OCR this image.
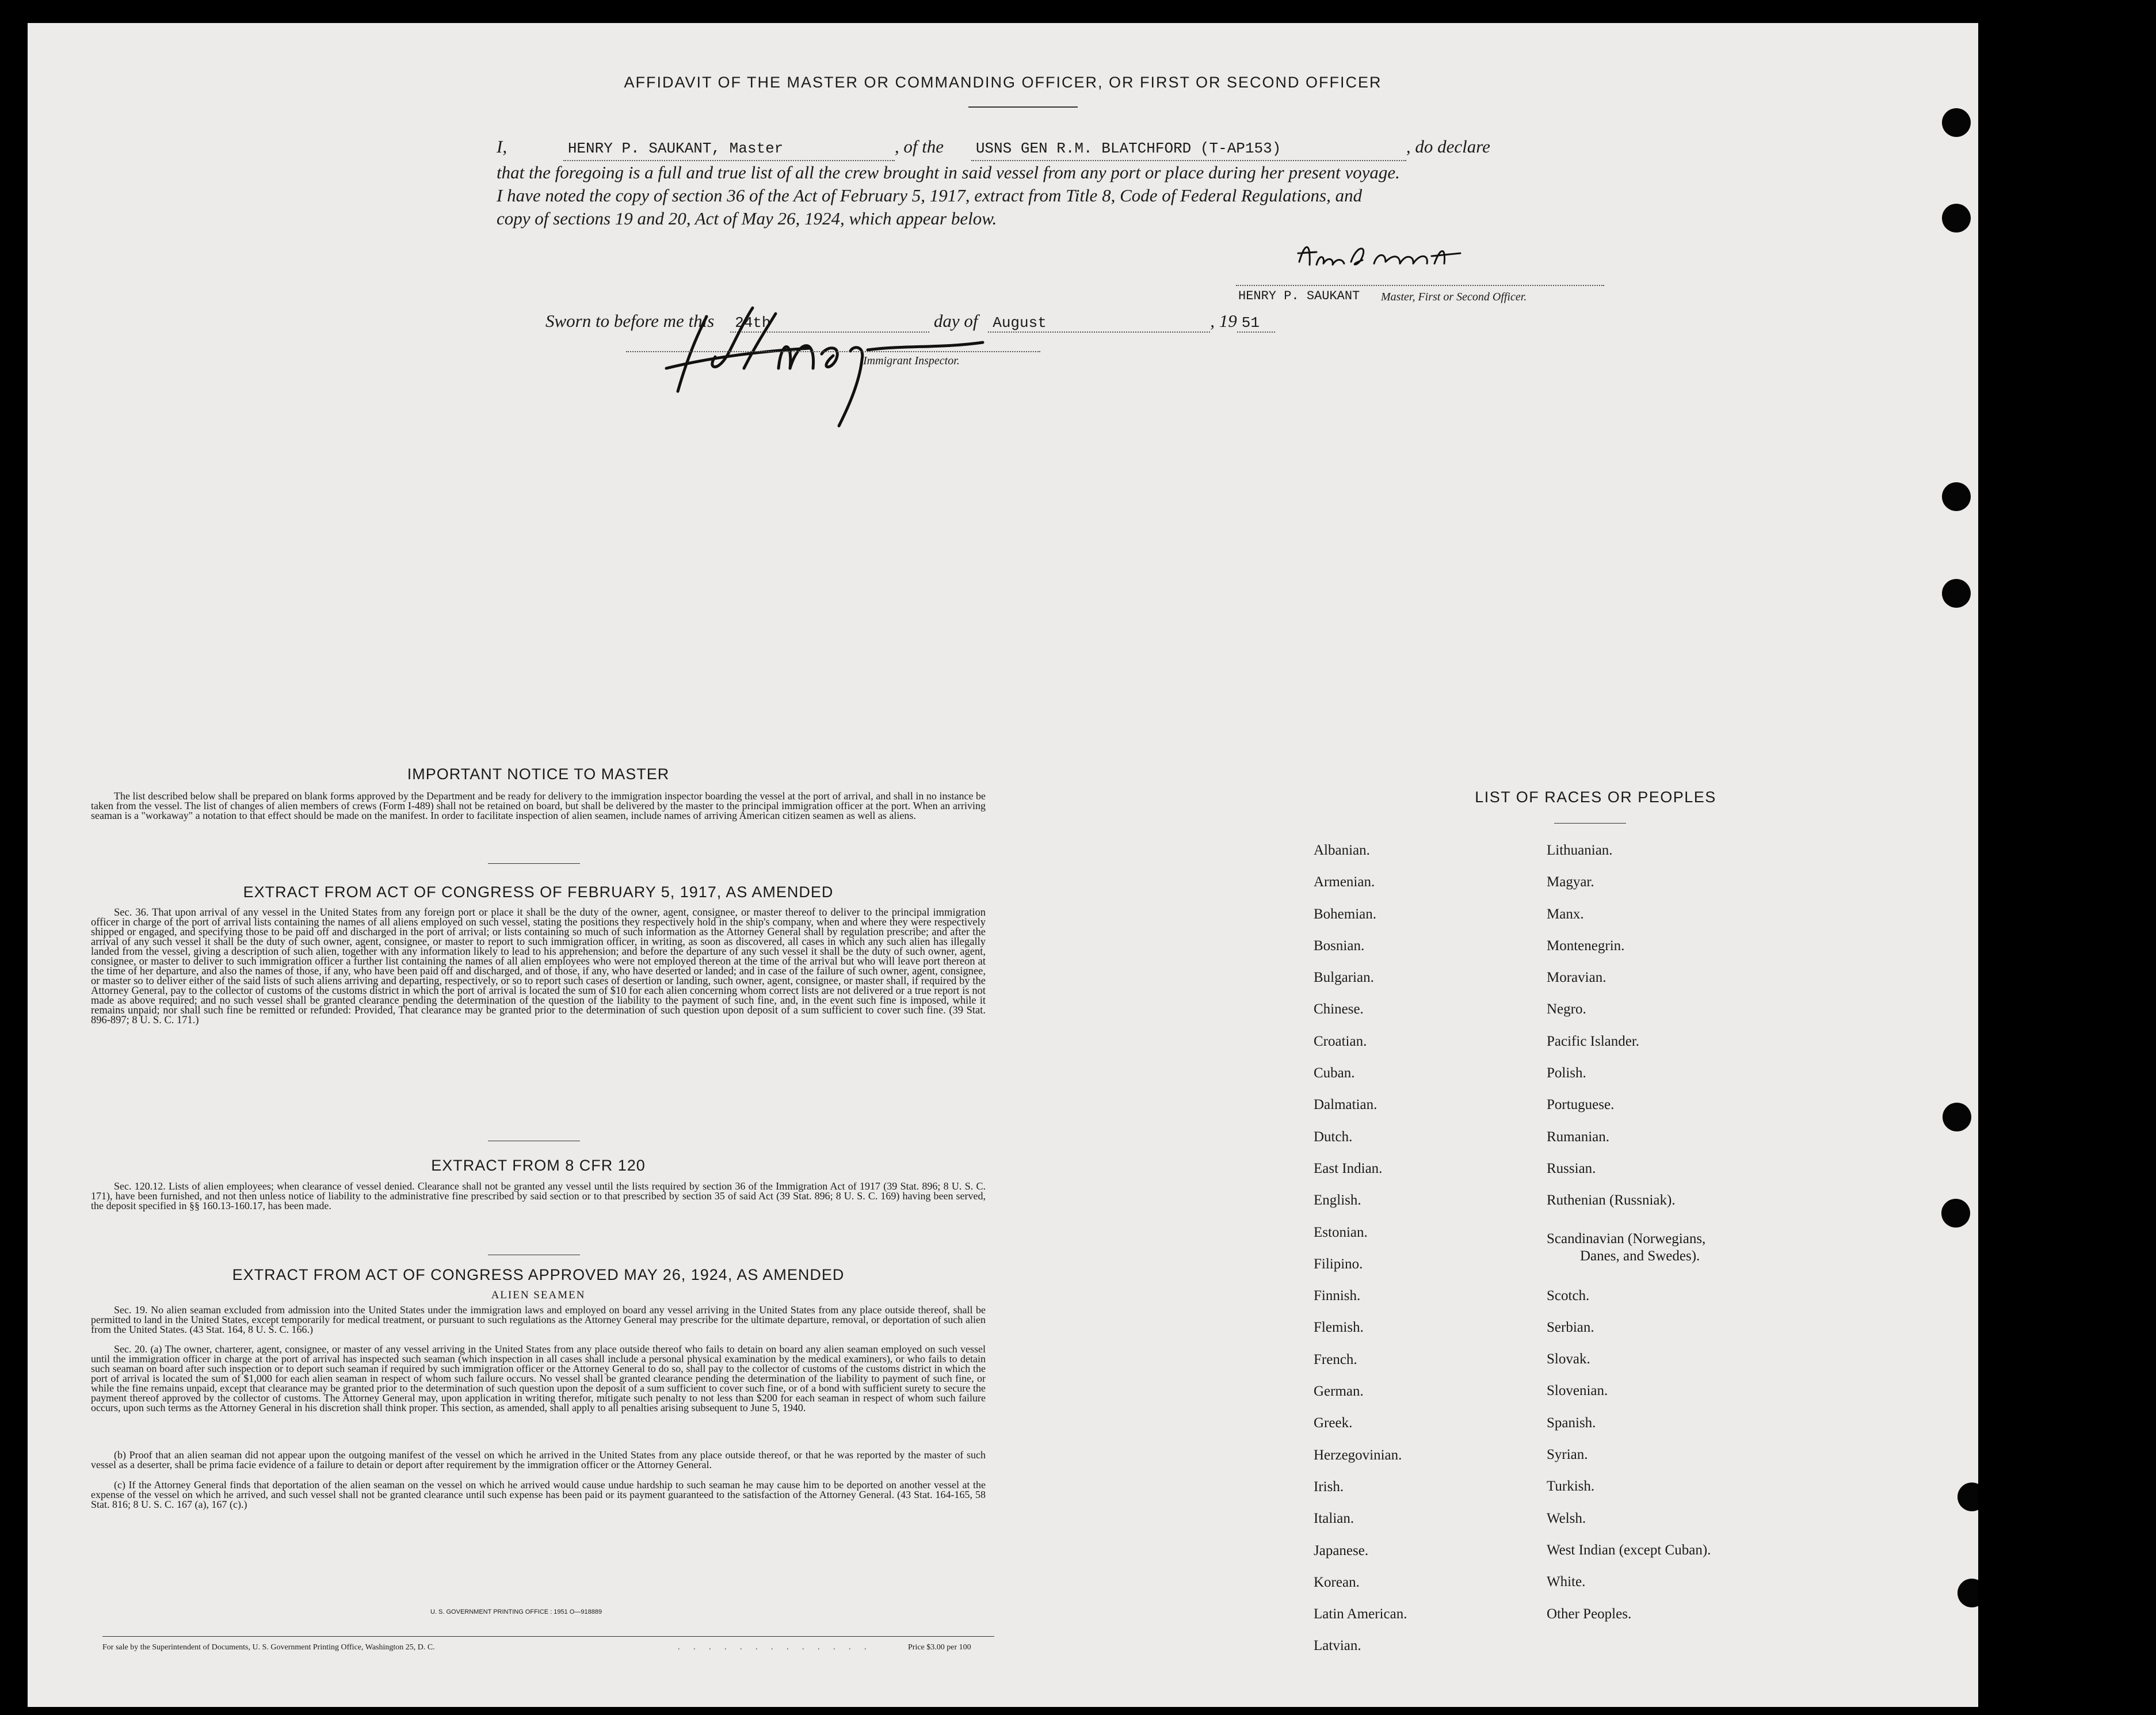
AFFIDAVIT OF THE MASTER OR COMMANDING OFFICER, OR FIRST OR SECOND OFFICER
I,	HENRY P. SAUKANT, Master	, of the USNS GEN R.M. BLATCHFORD (T-AP153)	, do declare
that the foregoing is a full and true list of all the crew brought in said vessel from any port or place during her present voyage.
I have noted the copy of section 36 of the Act of February 5, 1917, extract from Title 8, Code of Federal Regulations, and
copy of sections 19 and 20, Act of May 26, 1924, which appear below.
HENRY P. SAUKANT Master, First or Second Officer.
Sworn to before me this 24th	day of August	, 19 51
Immigrant Inspector.
IMPORTANT NOTICE TO MASTER

The list described below shall be prepared on blank forms approved by the Department and be ready for delivery to the immigration inspector boarding the vessel at the port of arrival, and shall in no instance be taken from the vessel. The list of changes of alien members of crews (Form I-489) shall not be retained on board, but shall be delivered by the master to the principal immigration officer at the port. When an arriving seaman is a "workaway" a notation to that effect should be made on the manifest. In order to facilitate inspection of alien seamen, include names of arriving American citizen seamen as well as aliens.

EXTRACT FROM ACT OF CONGRESS OF FEBRUARY 5, 1917, AS AMENDED

Sec. 36. That upon arrival of any vessel in the United States from any foreign port or place it shall be the duty of the owner, agent, consignee, or master thereof to deliver to the principal immigration officer in charge of the port of arrival lists containing the names of all aliens employed on such vessel, stating the positions they respectively hold in the ship's company, when and where they were respectively shipped or engaged, and specifying those to be paid off and discharged in the port of arrival; or lists containing so much of such information as the Attorney General shall by regulation prescribe; and after the arrival of any such vessel it shall be the duty of such owner, agent, consignee, or master to report to such immigration officer, in writing, as soon as discovered, all cases in which any such alien has illegally landed from the vessel, giving a description of such alien, together with any information likely to lead to his apprehension; and before the departure of any such vessel it shall be the duty of such owner, agent, consignee, or master to deliver to such immigration officer a further list containing the names of all alien employees who were not employed thereon at the time of the arrival but who will leave port thereon at the time of her departure, and also the names of those, if any, who have been paid off and discharged, and of those, if any, who have deserted or landed; and in case of the failure of such owner, agent, consignee, or master so to deliver either of the said lists of such aliens arriving and departing, respectively, or so to report such cases of desertion or landing, such owner, agent, consignee, or master shall, if required by the Attorney General, pay to the collector of customs of the customs district in which the port of arrival is located the sum of $10 for each alien concerning whom correct lists are not delivered or a true report is not made as above required; and no such vessel shall be granted clearance pending the determination of the question of the liability to the payment of such fine, and, in the event such fine is imposed, while it remains unpaid; nor shall such fine be remitted or refunded: Provided, That clearance may be granted prior to the determination of such question upon deposit of a sum sufficient to cover such fine. (39 Stat. 896-897; 8 U. S. C. 171.)

EXTRACT FROM 8 CFR 120

Sec. 120.12. Lists of alien employees; when clearance of vessel denied. Clearance shall not be granted any vessel until the lists required by section 36 of the Immigration Act of 1917 (39 Stat. 896; 8 U. S. C. 171), have been furnished, and not then unless notice of liability to the administrative fine prescribed by said section or to that prescribed by section 35 of said Act (39 Stat. 896; 8 U. S. C. 169) having been served, the deposit specified in §§ 160.13-160.17, has been made.

EXTRACT FROM ACT OF CONGRESS APPROVED MAY 26, 1924, AS AMENDED
ALIEN SEAMEN

Sec. 19. No alien seaman excluded from admission into the United States under the immigration laws and employed on board any vessel arriving in the United States from any place outside thereof, shall be permitted to land in the United States, except temporarily for medical treatment, or pursuant to such regulations as the Attorney General may prescribe for the ultimate departure, removal, or deportation of such alien from the United States. (43 Stat. 164, 8 U. S. C. 166.)

Sec. 20. (a) The owner, charterer, agent, consignee, or master of any vessel arriving in the United States from any place outside thereof who fails to detain on board any alien seaman employed on such vessel until the immigration officer in charge at the port of arrival has inspected such seaman (which inspection in all cases shall include a personal physical examination by the medical examiners), or who fails to detain such seaman on board after such inspection or to deport such seaman if required by such immigration officer or the Attorney General to do so, shall pay to the collector of customs of the customs district in which the port of arrival is located the sum of $1,000 for each alien seaman in respect of whom such failure occurs. No vessel shall be granted clearance pending the determination of the liability to payment of such fine, or while the fine remains unpaid, except that clearance may be granted prior to the determination of such question upon the deposit of a sum sufficient to cover such fine, or of a bond with sufficient surety to secure the payment thereof approved by the collector of customs. The Attorney General may, upon application in writing therefor, mitigate such penalty to not less than $200 for each seaman in respect of whom such failure occurs, upon such terms as the Attorney General in his discretion shall think proper. This section, as amended, shall apply to all penalties arising subsequent to June 5, 1940.

(b) Proof that an alien seaman did not appear upon the outgoing manifest of the vessel on which he arrived in the United States from any place outside thereof, or that he was reported by the master of such vessel as a deserter, shall be prima facie evidence of a failure to detain or deport after requirement by the immigration officer or the Attorney General.

(c) If the Attorney General finds that deportation of the alien seaman on the vessel on which he arrived would cause undue hardship to such seaman he may cause him to be deported on another vessel at the expense of the vessel on which he arrived, and such vessel shall not be granted clearance until such expense has been paid or its payment guaranteed to the satisfaction of the Attorney General. (43 Stat. 164-165, 58 Stat. 816; 8 U. S. C. 167 (a), 167 (c).)

U. S. GOVERNMENT PRINTING OFFICE : 1951 O—918889
For sale by the Superintendent of Documents, U. S. Government Printing Office, Washington 25, D. C.	. . . . . . . . . . . . .	Price $3.00 per 100
LIST OF RACES OR PEOPLES
Albanian.
Armenian.
Bohemian.
Bosnian.
Bulgarian.
Chinese.
Croatian.
Cuban.
Dalmatian.
Dutch.
East Indian.
English.
Estonian.
Filipino.
Finnish.
Flemish.
French.
German.
Greek.
Herzegovinian.
Irish.
Italian.
Japanese.
Korean.
Latin American.
Latvian.
Lithuanian.
Magyar.
Manx.
Montenegrin.
Moravian.
Negro.
Pacific Islander.
Polish.
Portuguese.
Rumanian.
Russian.
Ruthenian (Russniak).
Scandinavian (Norwegians,
Danes, and Swedes).
Scotch.
Serbian.
Slovak.
Slovenian.
Spanish.
Syrian.
Turkish.
Welsh.
West Indian (except Cuban).
White.
Other Peoples.
